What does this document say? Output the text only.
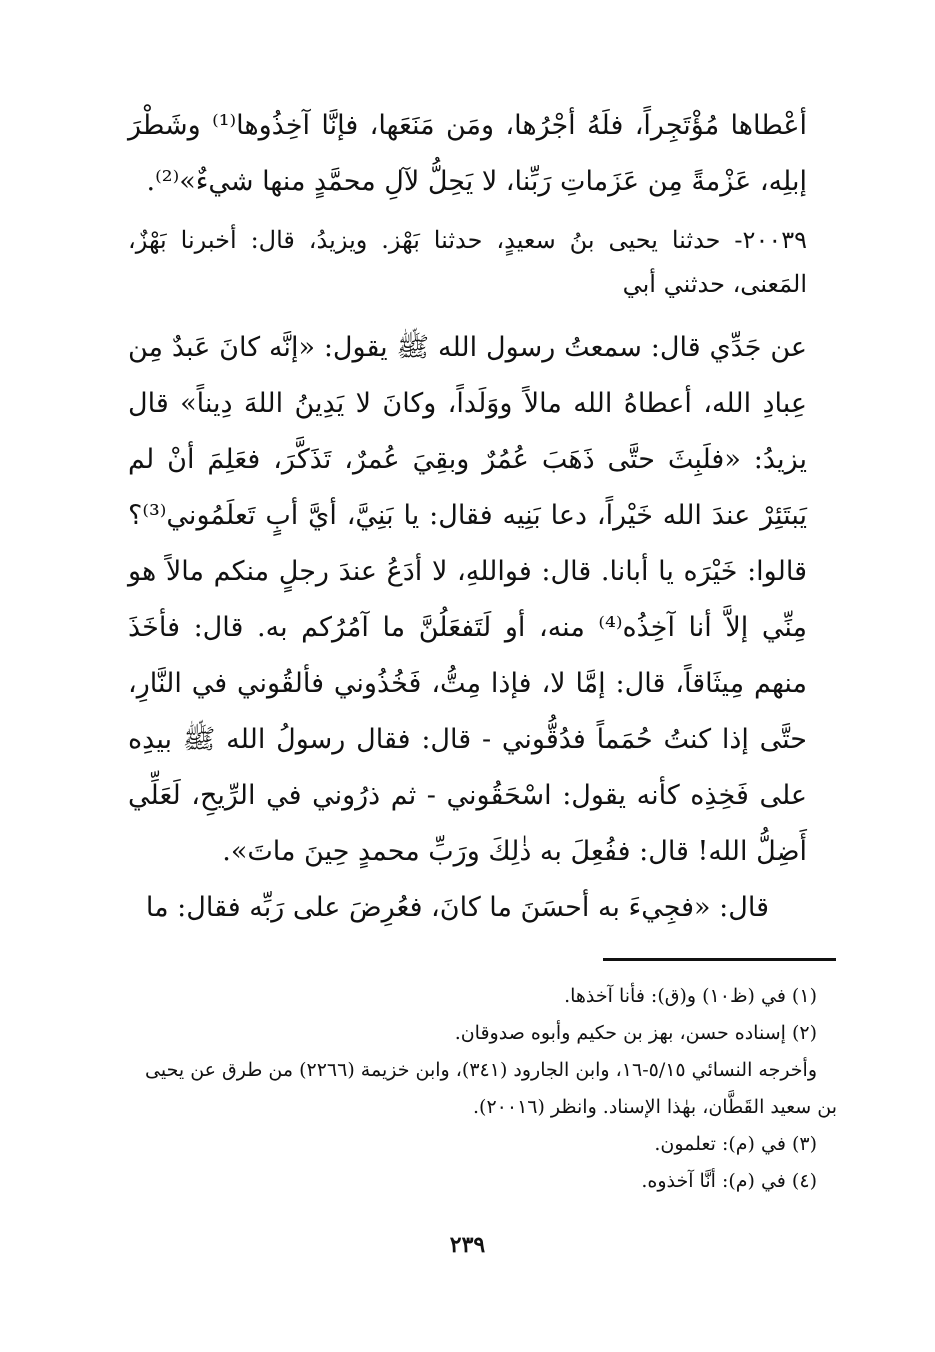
أعْطاها مُؤْتَجِراً، فلَهُ أجْرُها، ومَن مَنَعَها، فإنَّا آخِذُوها⁽¹⁾ وشَطْرَ إبلِه، عَزْمةً مِن عَزَماتِ رَبِّنا، لا يَحِلُّ لآلِ محمَّدٍ منها شيءٌ»⁽²⁾.

٢٠٠٣٩- حدثنا يحيى بنُ سعيدٍ، حدثنا بَهْز. ويزيدُ، قال: أخبرنا بَهْزٌ، المَعنى، حدثني أبي

عن جَدِّي قال: سمعتُ رسول الله ﷺ يقول: «إنَّه كانَ عَبدٌ مِن عِبادِ الله، أعطاهُ الله مالاً ووَلَداً، وكانَ لا يَدِينُ اللهَ دِيناً» قال يزيدُ: «فلَبِثَ حتَّى ذَهَبَ عُمُرٌ وبقِيَ عُمرٌ، تَذَكَّرَ، فعَلِمَ أنْ لم يَبتَئِرْ عندَ الله خَيْراً، دعا بَنِيه فقال: يا بَنِيَّ، أيَّ أبٍ تَعلَمُوني⁽³⁾؟ قالوا: خَيْرَه يا أبانا. قال: فواللهِ، لا أدَعُ عندَ رجلٍ منكم مالاً هو مِنِّي إلاَّ أنا آخِذُه⁽⁴⁾ منه، أو لَتَفعَلُنَّ ما آمُرُكم به. قال: فأخَذَ منهم مِيثَاقاً، قال: إمَّا لا، فإذا مِتُّ، فَخُذُوني فألقُوني في النَّارِ، حتَّى إذا كنتُ حُمَماً فدُقُّوني - قال: فقال رسولُ الله ﷺ بيدِه على فَخِذِه كأنه يقول: اسْحَقُوني - ثم ذرُوني في الرِّيحِ، لَعَلِّي أَضِلُّ الله! قال: ففُعِلَ به ذٰلِكَ ورَبِّ محمدٍ حِينَ ماتَ».

قال: «فجِيءَ به أحسَنَ ما كانَ، فعُرِضَ على رَبِّه فقال: ما

(١) في (ظ١٠) و(ق): فأنا آخذها.

(٢) إسناده حسن، بهز بن حكيم وأبوه صدوقان.

وأخرجه النسائي ٥/١٥-١٦، وابن الجارود (٣٤١)، وابن خزيمة (٢٢٦٦) من طرق عن يحيى بن سعيد القَطَّان، بهٰذا الإسناد. وانظر (٢٠٠١٦).

(٣) في (م): تعلمون.

(٤) في (م): أنَّا آخذوه.

٢٣٩
